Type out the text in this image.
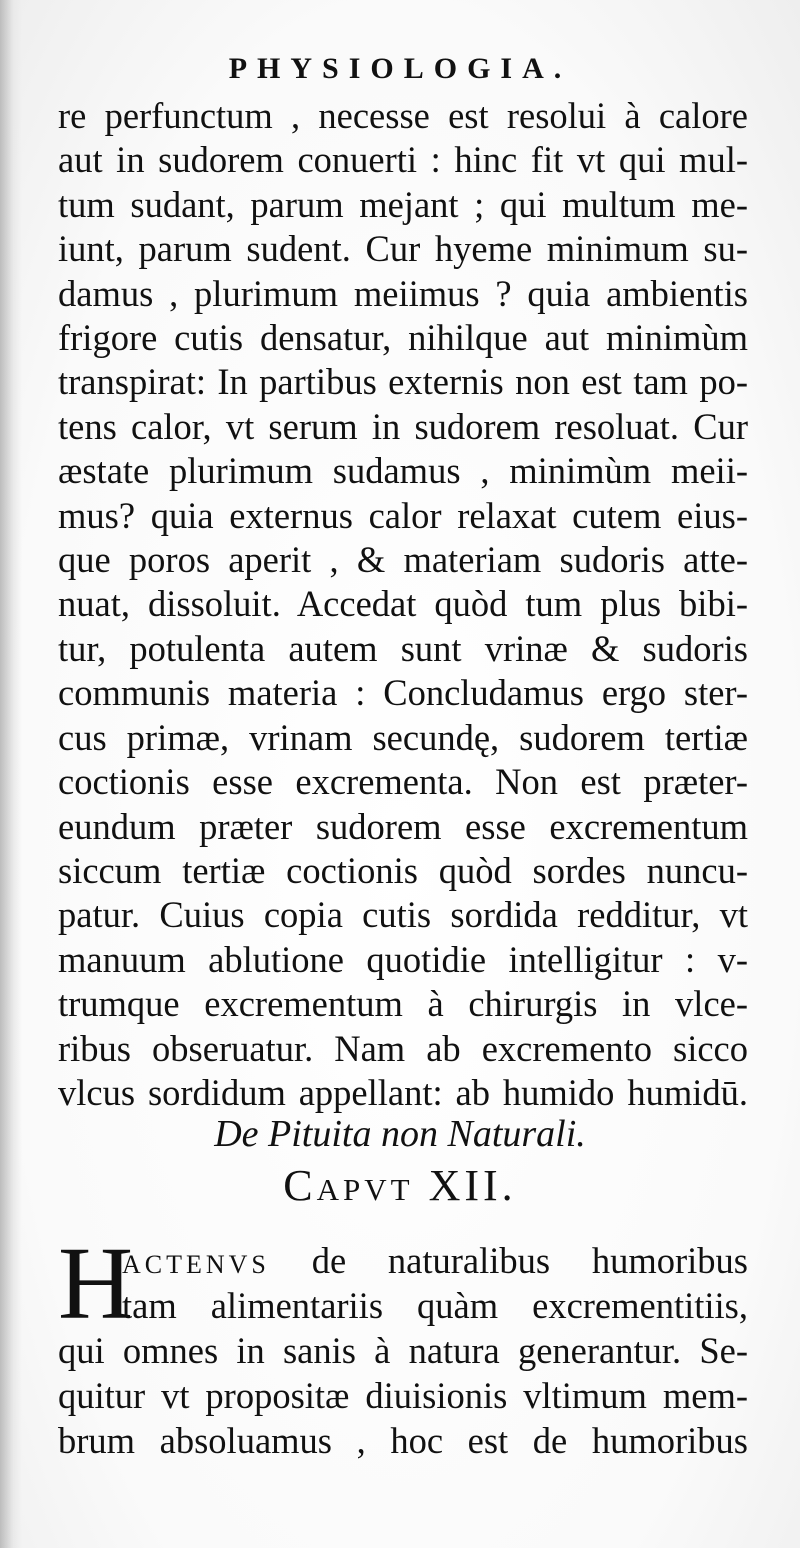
PHYSIOLOGIA.
re perfunctum , necesse est resolui à calore
aut in sudorem conuerti : hinc fit vt qui mul-
tum sudant, parum mejant ; qui multum me-
iunt, parum sudent. Cur hyeme minimum su-
damus , plurimum meiimus ? quia ambientis
frigore cutis densatur, nihilque aut minimùm
transpirat: In partibus externis non est tam po-
tens calor, vt serum in sudorem resoluat. Cur
æstate plurimum sudamus , minimùm meii-
mus? quia externus calor relaxat cutem eius-
que poros aperit , & materiam sudoris atte-
nuat, dissoluit. Accedat quòd tum plus bibi-
tur, potulenta autem sunt vrinæ & sudoris
communis materia : Concludamus ergo ster-
cus primæ, vrinam secundę, sudorem tertiæ
coctionis esse excrementa. Non est præter-
eundum præter sudorem esse excrementum
siccum tertiæ coctionis quòd sordes nuncu-
patur. Cuius copia cutis sordida redditur, vt
manuum ablutione quotidie intelligitur : v-
trumque excrementum à chirurgis in vlce-
ribus obseruatur. Nam ab excremento sicco
vlcus sordidum appellant: ab humido humidū.
De Pituita non Naturali.
Capvt XII.
H
actenvs de naturalibus humoribus
tam alimentariis quàm excrementitiis,
qui omnes in sanis à natura generantur. Se-
quitur vt propositæ diuisionis vltimum mem-
brum absoluamus , hoc est de humoribus
